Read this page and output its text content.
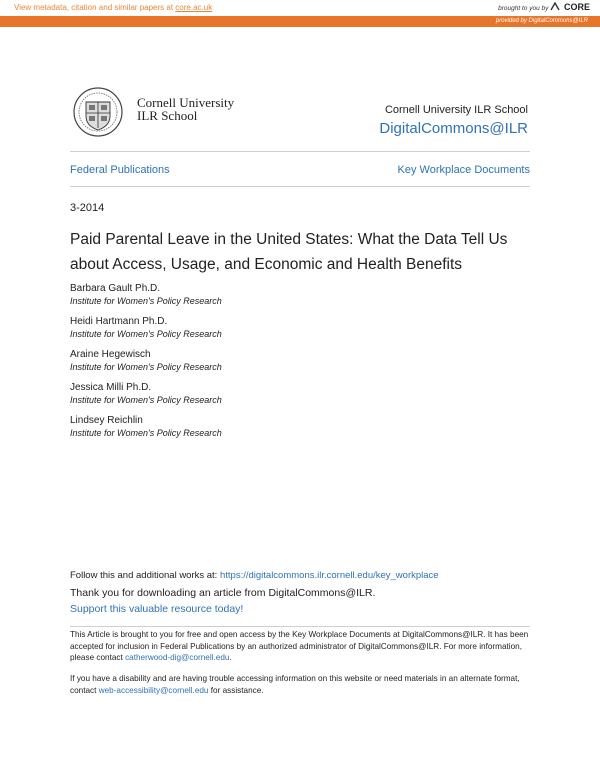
View metadata, citation and similar papers at core.ac.uk	brought to you by CORE
provided by DigitalCommons@ILR
Cornell University
ILR School	Cornell University ILR School
DigitalCommons@ILR
Federal Publications	Key Workplace Documents
3-2014
Paid Parental Leave in the United States: What the Data Tell Us about Access, Usage, and Economic and Health Benefits
Barbara Gault Ph.D.
Institute for Women's Policy Research
Heidi Hartmann Ph.D.
Institute for Women's Policy Research
Araine Hegewisch
Institute for Women's Policy Research
Jessica Milli Ph.D.
Institute for Women's Policy Research
Lindsey Reichlin
Institute for Women's Policy Research
Follow this and additional works at: https://digitalcommons.ilr.cornell.edu/key_workplace
Thank you for downloading an article from DigitalCommons@ILR.
Support this valuable resource today!
This Article is brought to you for free and open access by the Key Workplace Documents at DigitalCommons@ILR. It has been accepted for inclusion in Federal Publications by an authorized administrator of DigitalCommons@ILR. For more information, please contact catherwood-dig@cornell.edu.
If you have a disability and are having trouble accessing information on this website or need materials in an alternate format, contact web-accessibility@cornell.edu for assistance.
